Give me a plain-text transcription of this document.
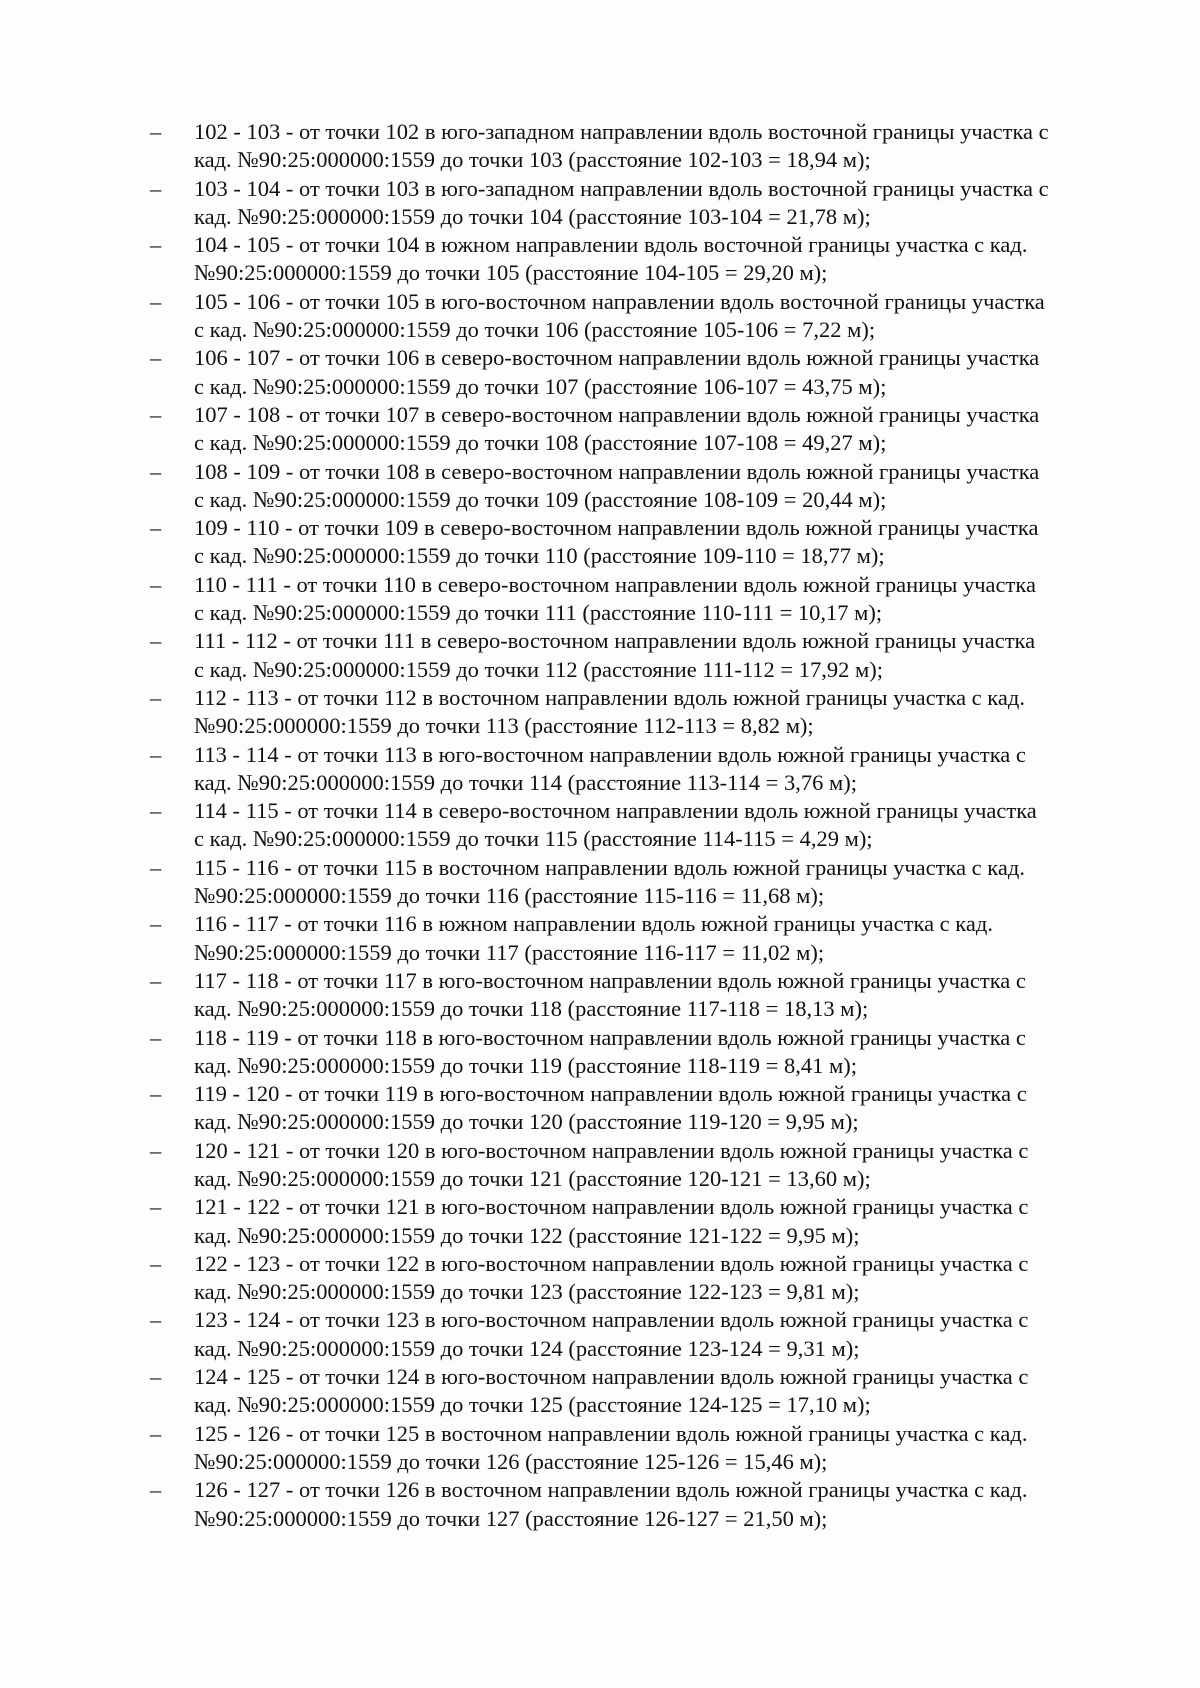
–	102 - 103 - от точки 102 в юго-западном направлении вдоль восточной границы участка с
кад. №90:25:000000:1559 до точки 103 (расстояние 102-103 = 18,94 м);
–	103 - 104 - от точки 103 в юго-западном направлении вдоль восточной границы участка с
кад. №90:25:000000:1559 до точки 104 (расстояние 103-104 = 21,78 м);
–	104 - 105 - от точки 104 в южном направлении вдоль восточной границы участка с кад.
№90:25:000000:1559 до точки 105 (расстояние 104-105 = 29,20 м);
–	105 - 106 - от точки 105 в юго-восточном направлении вдоль восточной границы участка
с кад. №90:25:000000:1559 до точки 106 (расстояние 105-106 = 7,22 м);
–	106 - 107 - от точки 106 в северо-восточном направлении вдоль южной границы участка
с кад. №90:25:000000:1559 до точки 107 (расстояние 106-107 = 43,75 м);
–	107 - 108 - от точки 107 в северо-восточном направлении вдоль южной границы участка
с кад. №90:25:000000:1559 до точки 108 (расстояние 107-108 = 49,27 м);
–	108 - 109 - от точки 108 в северо-восточном направлении вдоль южной границы участка
с кад. №90:25:000000:1559 до точки 109 (расстояние 108-109 = 20,44 м);
–	109 - 110 - от точки 109 в северо-восточном направлении вдоль южной границы участка
с кад. №90:25:000000:1559 до точки 110 (расстояние 109-110 = 18,77 м);
–	110 - 111 - от точки 110 в северо-восточном направлении вдоль южной границы участка
с кад. №90:25:000000:1559 до точки 111 (расстояние 110-111 = 10,17 м);
–	111 - 112 - от точки 111 в северо-восточном направлении вдоль южной границы участка
с кад. №90:25:000000:1559 до точки 112 (расстояние 111-112 = 17,92 м);
–	112 - 113 - от точки 112 в восточном направлении вдоль южной границы участка с кад.
№90:25:000000:1559 до точки 113 (расстояние 112-113 = 8,82 м);
–	113 - 114 - от точки 113 в юго-восточном направлении вдоль южной границы участка с
кад. №90:25:000000:1559 до точки 114 (расстояние 113-114 = 3,76 м);
–	114 - 115 - от точки 114 в северо-восточном направлении вдоль южной границы участка
с кад. №90:25:000000:1559 до точки 115 (расстояние 114-115 = 4,29 м);
–	115 - 116 - от точки 115 в восточном направлении вдоль южной границы участка с кад.
№90:25:000000:1559 до точки 116 (расстояние 115-116 = 11,68 м);
–	116 - 117 - от точки 116 в южном направлении вдоль южной границы участка с кад.
№90:25:000000:1559 до точки 117 (расстояние 116-117 = 11,02 м);
–	117 - 118 - от точки 117 в юго-восточном направлении вдоль южной границы участка с
кад. №90:25:000000:1559 до точки 118 (расстояние 117-118 = 18,13 м);
–	118 - 119 - от точки 118 в юго-восточном направлении вдоль южной границы участка с
кад. №90:25:000000:1559 до точки 119 (расстояние 118-119 = 8,41 м);
–	119 - 120 - от точки 119 в юго-восточном направлении вдоль южной границы участка с
кад. №90:25:000000:1559 до точки 120 (расстояние 119-120 = 9,95 м);
–	120 - 121 - от точки 120 в юго-восточном направлении вдоль южной границы участка с
кад. №90:25:000000:1559 до точки 121 (расстояние 120-121 = 13,60 м);
–	121 - 122 - от точки 121 в юго-восточном направлении вдоль южной границы участка с
кад. №90:25:000000:1559 до точки 122 (расстояние 121-122 = 9,95 м);
–	122 - 123 - от точки 122 в юго-восточном направлении вдоль южной границы участка с
кад. №90:25:000000:1559 до точки 123 (расстояние 122-123 = 9,81 м);
–	123 - 124 - от точки 123 в юго-восточном направлении вдоль южной границы участка с
кад. №90:25:000000:1559 до точки 124 (расстояние 123-124 = 9,31 м);
–	124 - 125 - от точки 124 в юго-восточном направлении вдоль южной границы участка с
кад. №90:25:000000:1559 до точки 125 (расстояние 124-125 = 17,10 м);
–	125 - 126 - от точки 125 в восточном направлении вдоль южной границы участка с кад.
№90:25:000000:1559 до точки 126 (расстояние 125-126 = 15,46 м);
–	126 - 127 - от точки 126 в восточном направлении вдоль южной границы участка с кад.
№90:25:000000:1559 до точки 127 (расстояние 126-127 = 21,50 м);
